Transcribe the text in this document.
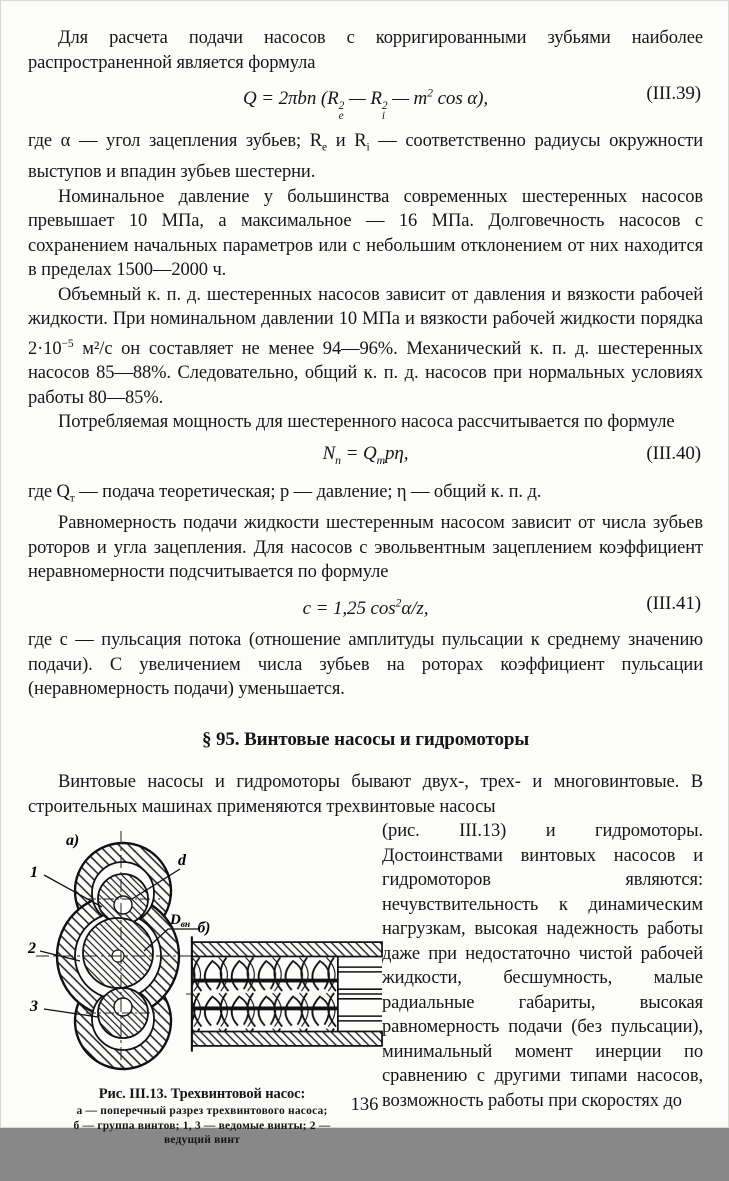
Для расчета подачи насосов с корригированными зубьями наиболее распространенной является формула

Q = 2πbn (R 2
e
— R 2
i
— $m^2$ cos α),	(III.39)

где α — угол зацепления зубьев; $R_e$ и $R_i$ — соответственно радиусы окружности выступов и впадин зубьев шестерни.

Номинальное давление у большинства современных шестеренных насосов превышает 10 МПа, а максимальное — 16 МПа. Долговечность насосов с сохранением начальных параметров или с небольшим отклонением от них находится в пределах 1500—2000 ч.

Объемный к. п. д. шестеренных насосов зависит от давления и вязкости рабочей жидкости. При номинальном давлении 10 МПа и вязкости рабочей жидкости порядка $2\cdot 10^{-5}$ м²/с он составляет не менее 94—96%. Механический к. п. д. шестеренных насосов 85—88%. Следовательно, общий к. п. д. насосов при нормальных условиях работы 80—85%.

Потребляемая мощность для шестеренного насоса рассчитывается по формуле

$N_n = Q_тp\eta$,	(III.40)

где $Q_т$ — подача теоретическая; p — давление; η — общий к. п. д.

Равномерность подачи жидкости шестеренным насосом зависит от числа зубьев роторов и угла зацепления. Для насосов с эвольвентным зацеплением коэффициент неравномерности подсчитывается по формуле

c = 1,25 $\cos^2\alpha/z$,	(III.41)

где с — пульсация потока (отношение амплитуды пульсации к среднему значению подачи). С увеличением числа зубьев на роторах коэффициент пульсации (неравномерность подачи) уменьшается.

§ 95. Винтовые насосы и гидромоторы

Винтовые насосы и гидромоторы бывают двух-, трех- и многовинтовые. В строительных машинах применяются трехвинтовые насосы

1
2
3
d
$D_{вн}$
а)
б)
Рис. III.13. Трехвинтовой насос:
а — поперечный разрез трехвинтового насоса;
б — группа винтов; 1, 3 — ведомые винты; 2 —
ведущий винт

(рис. III.13) и гидромоторы. Достоинствами винтовых насосов и гидромоторов являются: нечувствительность к динамическим нагрузкам, высокая надежность работы даже при недостаточно чистой рабочей жидкости, бесшумность, малые радиальные габариты, высокая равномерность подачи (без пульсации), минимальный момент инерции по сравнению с другими типами насосов, возможность работы при скоростях до

136
